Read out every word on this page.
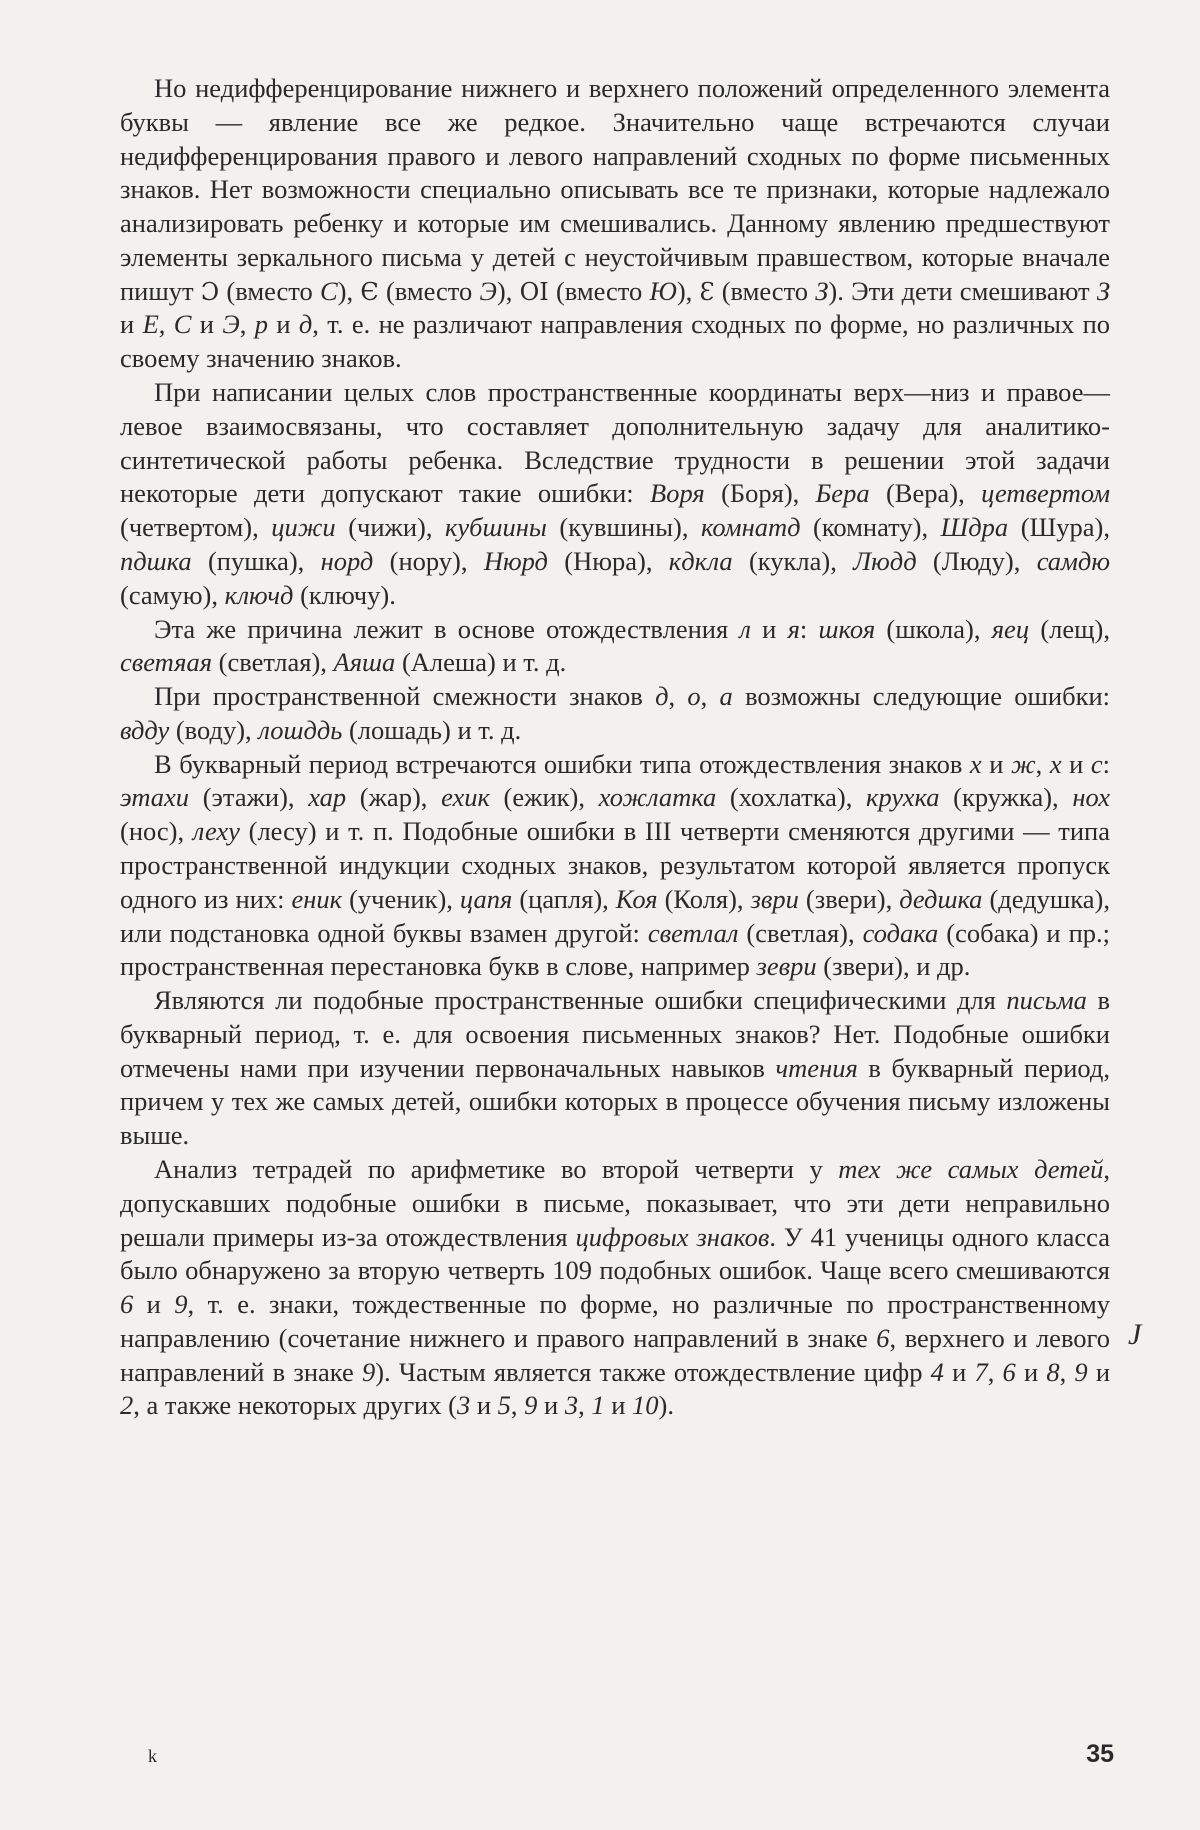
Но недифференцирование нижнего и верхнего положений определенного элемента буквы — явление все же редкое. Значительно чаще встречаются случаи недифференцирования правого и левого направлений сходных по форме письменных знаков. Нет возможности специально описывать все те признаки, которые надлежало анализировать ребенку и которые им смешивались. Данному явлению предшествуют элементы зеркального письма у детей с неустойчивым правшеством, которые вначале пишут Ɔ (вместо С), Є (вместо Э), ОI (вместо Ю), Ɛ (вместо З). Эти дети смешивают З и Е, С и Э, р и д, т. е. не различают направления сходных по форме, но различных по своему значению знаков.

При написании целых слов пространственные координаты верх—низ и правое—левое взаимосвязаны, что составляет дополнительную задачу для аналитико-синтетической работы ребенка. Вследствие трудности в решении этой задачи некоторые дети допускают такие ошибки: Воря (Боря), Бера (Вера), цетвертом (четвертом), цижи (чижи), кубшины (кувшины), комнатд (комнату), Шдра (Шура), пдшка (пушка), норд (нору), Нюрд (Нюра), кдкла (кукла), Людд (Люду), самдю (самую), ключд (ключу).

Эта же причина лежит в основе отождествления л и я: шкоя (школа), яец (лещ), светяая (светлая), Аяша (Алеша) и т. д.

При пространственной смежности знаков д, о, а возможны следующие ошибки: вдду (воду), лошддь (лошадь) и т. д.

В букварный период встречаются ошибки типа отождествления знаков х и ж, х и с: этахи (этажи), хар (жар), ехик (ежик), хожлатка (хохлатка), крухка (кружка), нох (нос), леху (лесу) и т. п. Подобные ошибки в III четверти сменяются другими — типа пространственной индукции сходных знаков, результатом которой является пропуск одного из них: еник (ученик), цапя (цапля), Коя (Коля), зври (звери), дедшка (дедушка), или подстановка одной буквы взамен другой: светлал (светлая), содака (собака) и пр.; пространственная перестановка букв в слове, например зеври (звери), и др.

Являются ли подобные пространственные ошибки специфическими для письма в букварный период, т. е. для освоения письменных знаков? Нет. Подобные ошибки отмечены нами при изучении первоначальных навыков чтения в букварный период, причем у тех же самых детей, ошибки которых в процессе обучения письму изложены выше.

Анализ тетрадей по арифметике во второй четверти у тех же самых детей, допускавших подобные ошибки в письме, показывает, что эти дети неправильно решали примеры из-за отождествления цифровых знаков. У 41 ученицы одного класса было обнаружено за вторую четверть 109 подобных ошибок. Чаще всего смешиваются 6 и 9, т. е. знаки, тождественные по форме, но различные по пространственному направлению (сочетание нижнего и правого направлений в знаке 6, верхнего и левого направлений в знаке 9). Частым является также отождествление цифр 4 и 7, 6 и 8, 9 и 2, а также некоторых других (3 и 5, 9 и 3, 1 и 10).

J
k	35
